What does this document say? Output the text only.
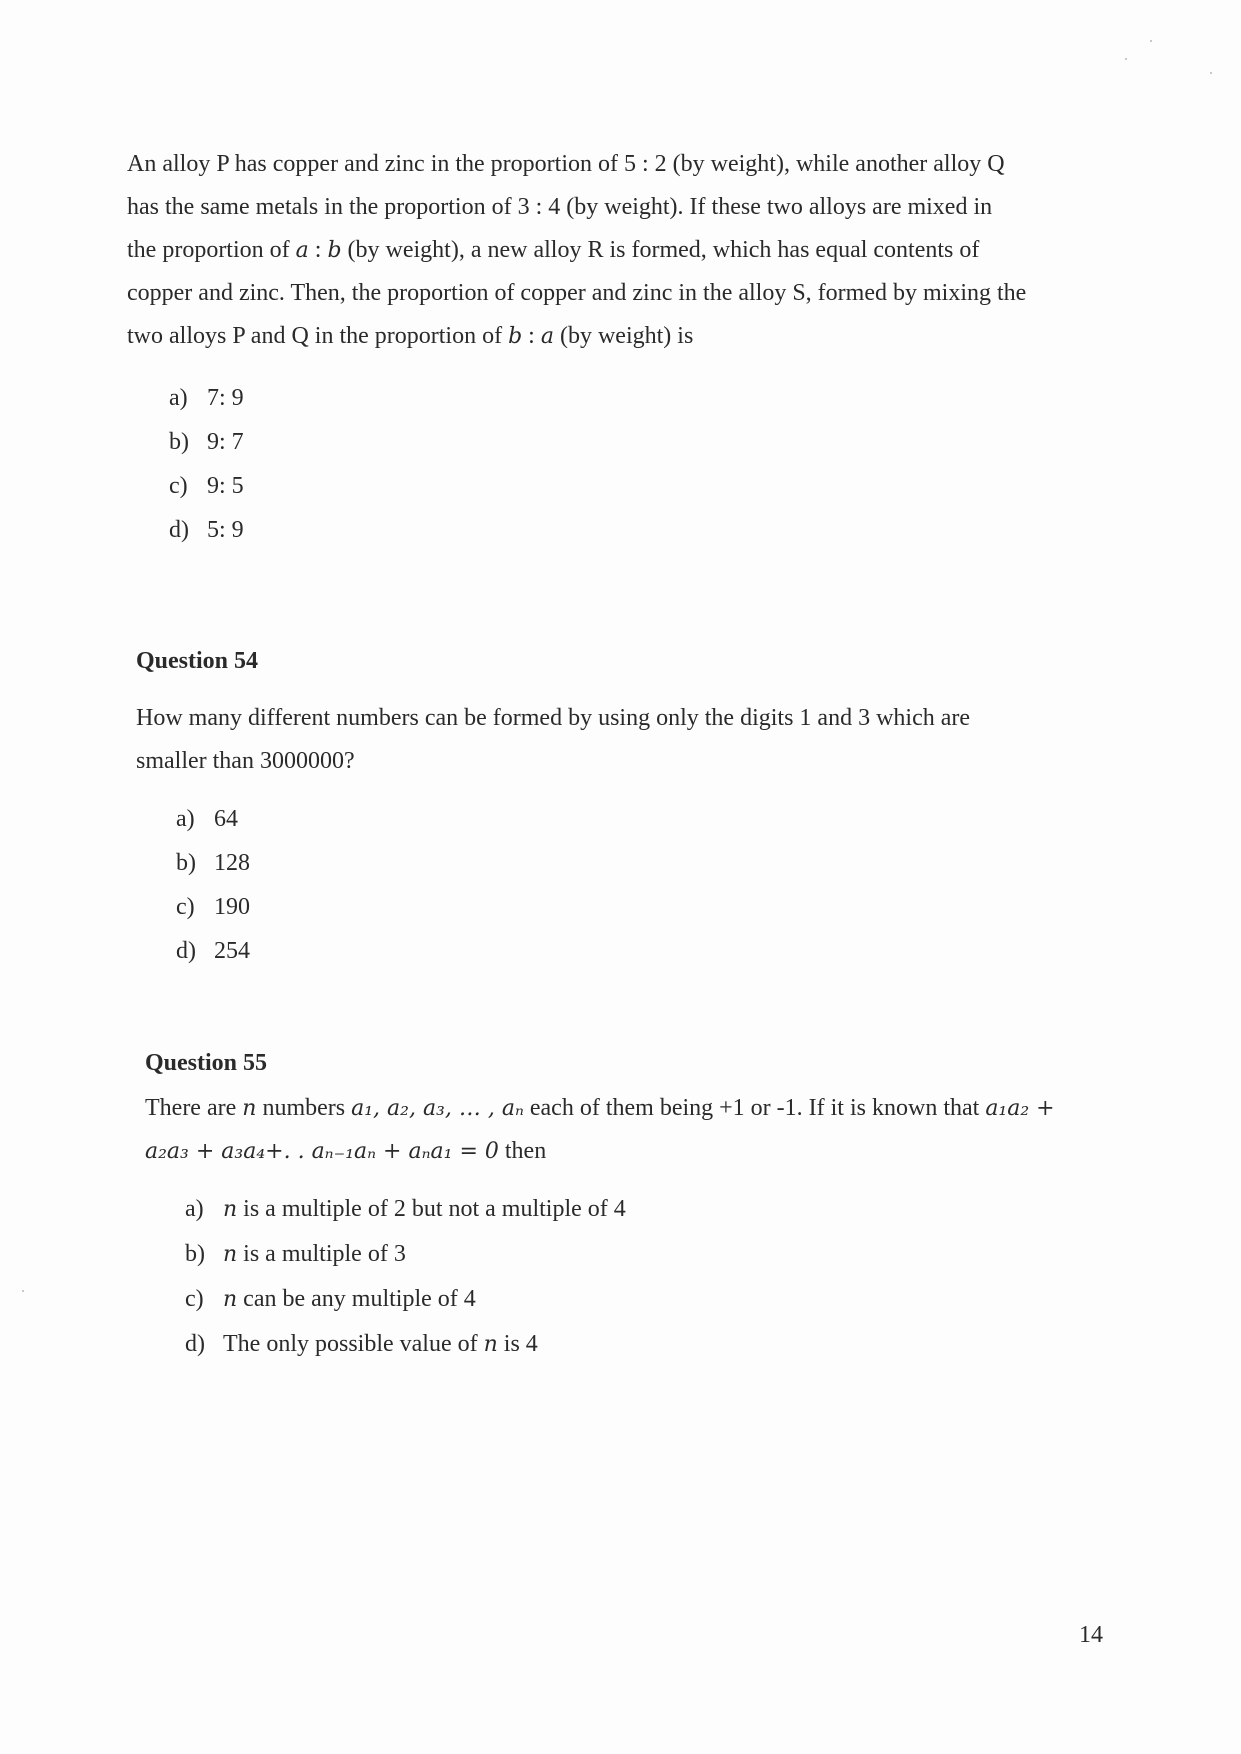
An alloy P has copper and zinc in the proportion of 5 : 2 (by weight), while another alloy Q
has the same metals in the proportion of 3 : 4 (by weight). If these two alloys are mixed in
the proportion of a : b (by weight), a new alloy R is formed, which has equal contents of
copper and zinc. Then, the proportion of copper and zinc in the alloy S, formed by mixing the
two alloys P and Q in the proportion of b : a (by weight) is

a) 7: 9
b) 9: 7
c) 9: 5
d) 5: 9

Question 54

How many different numbers can be formed by using only the digits 1 and 3 which are
smaller than 3000000?

a) 64
b) 128
c) 190
d) 254

Question 55

There are n numbers a₁, a₂, a₃, … , aₙ each of them being +1 or -1. If it is known that a₁a₂ +
a₂a₃ + a₃a₄+. . aₙ₋₁aₙ + aₙa₁ = 0 then

a) n is a multiple of 2 but not a multiple of 4
b) n is a multiple of 3
c) n can be any multiple of 4
d) The only possible value of n is 4
14
